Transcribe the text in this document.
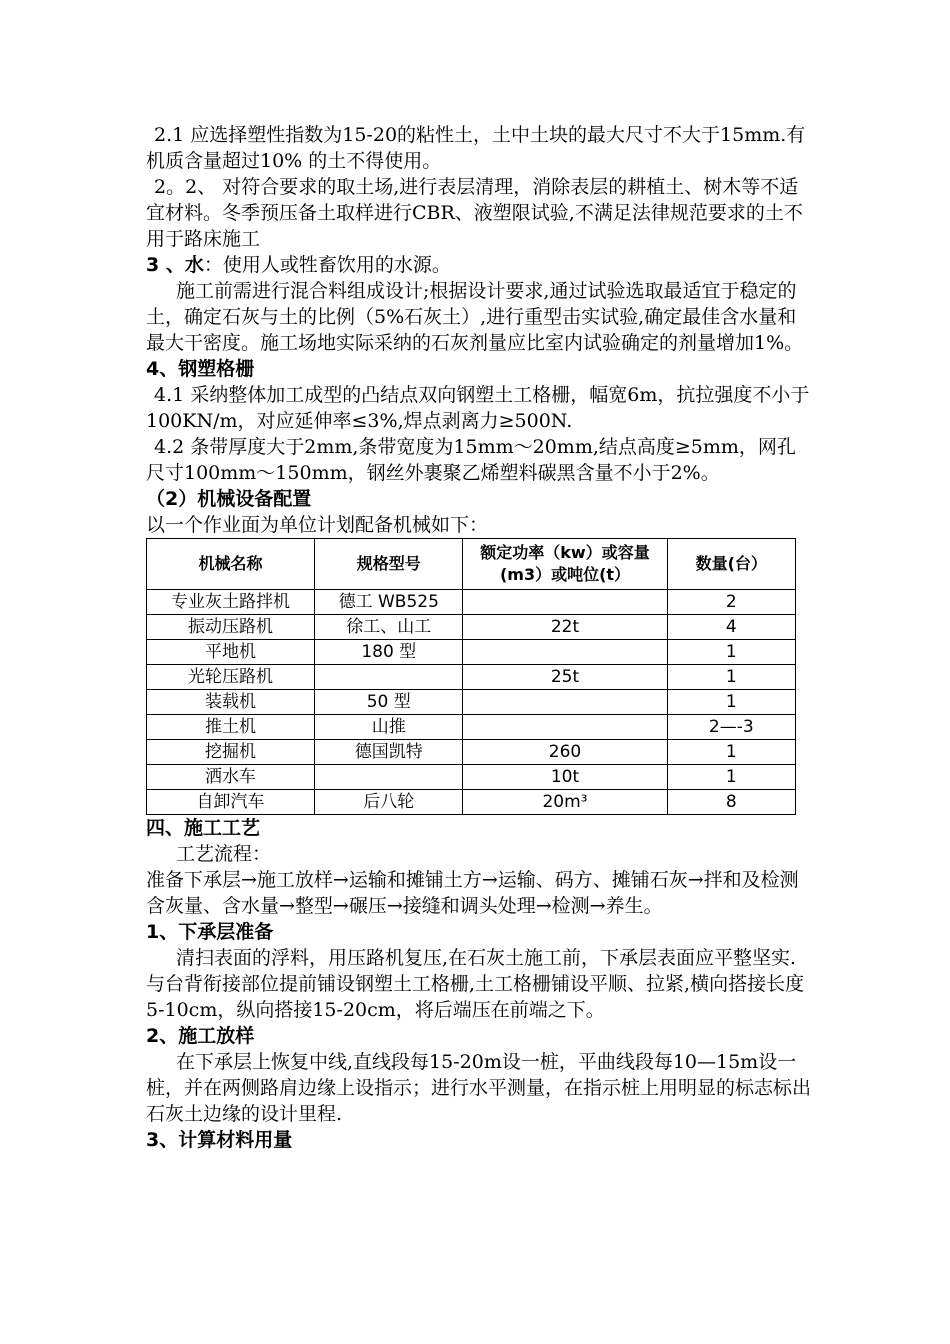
2.1 应选择塑性指数为15-20的粘性土，土中土块的最大尺寸不大于15mm.有机质含量超过10% 的土不得使用。

2。2、 对符合要求的取土场,进行表层清理，消除表层的耕植土、树木等不适宜材料。冬季预压备土取样进行CBR、液塑限试验,不满足法律规范要求的土不用于路床施工

3 、水：使用人或牲畜饮用的水源。

施工前需进行混合料组成设计;根据设计要求,通过试验选取最适宜于稳定的土，确定石灰与土的比例（5%石灰土）,进行重型击实试验,确定最佳含水量和最大干密度。施工场地实际采纳的石灰剂量应比室内试验确定的剂量增加1%。

4、钢塑格栅

4.1 采纳整体加工成型的凸结点双向钢塑土工格栅，幅宽6m，抗拉强度不小于100KN/m，对应延伸率≤3%,焊点剥离力≥500N.

4.2 条带厚度大于2mm,条带宽度为15mm～20mm,结点高度≥5mm，网孔尺寸100mm～150mm，钢丝外裹聚乙烯塑料碳黑含量不小于2%。

（2）机械设备配置

以一个作业面为单位计划配备机械如下：

机械名称	规格型号	额定功率（kw）或容量(m3）或吨位(t）	数量(台）
专业灰土路拌机	德工 WB525		2
振动压路机	徐工、山工	22t	4
平地机	180 型		1
光轮压路机		25t	1
装载机	50 型		1
推土机	山推		2—-3
挖掘机	德国凯特	260	1
洒水车		10t	1
自卸汽车	后八轮	20m³	8

四、施工工艺

工艺流程：

准备下承层→施工放样→运输和摊铺土方→运输、码方、摊铺石灰→拌和及检测含灰量、含水量→整型→碾压→接缝和调头处理→检测→养生。

1、下承层准备

清扫表面的浮料，用压路机复压,在石灰土施工前，下承层表面应平整坚实.与台背衔接部位提前铺设钢塑土工格栅,土工格栅铺设平顺、拉紧,横向搭接长度5-10cm，纵向搭接15-20cm，将后端压在前端之下。

2、施工放样

在下承层上恢复中线,直线段每15-20m设一桩，平曲线段每10—15m设一桩，并在两侧路肩边缘上设指示；进行水平测量，在指示桩上用明显的标志标出石灰土边缘的设计里程.

3、计算材料用量
